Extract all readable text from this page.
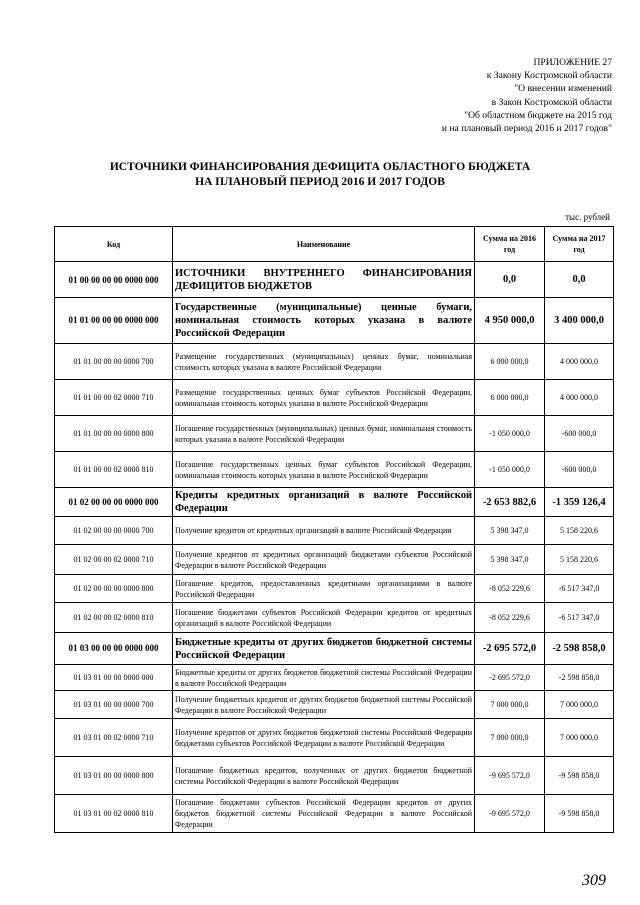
ПРИЛОЖЕНИЕ 27
к Закону Костромской области
"О внесении изменений
в Закон Костромской области
"Об областном бюджете на 2015 год
и на плановый период 2016 и 2017 годов"
ИСТОЧНИКИ ФИНАНСИРОВАНИЯ ДЕФИЦИТА ОБЛАСТНОГО БЮДЖЕТА
НА ПЛАНОВЫЙ ПЕРИОД 2016 И 2017 ГОДОВ
тыс. рублей
Код	Наименование	Сумма на 2016 год	Сумма на 2017 год
01 00 00 00 00 0000 000	ИСТОЧНИКИ ВНУТРЕННЕГО ФИНАНСИРОВАНИЯ ДЕФИЦИТОВ БЮДЖЕТОВ	0,0	0,0
01 01 00 00 00 0000 000	Государственные (муниципальные) ценные бумаги, номинальная стоимость которых указана в валюте Российской Федерации	4 950 000,0	3 400 000,0
01 01 00 00 00 0000 700	Размещение государственных (муниципальных) ценных бумаг, номинальная стоимость которых указана в валюте Российской Федерации	6 000 000,0	4 000 000,0
01 01 00 00 02 0000 710	Размещение государственных ценных бумаг субъектов Российской Федерации, номинальная стоимость которых указана в валюте Российской Федерации	6 000 000,0	4 000 000,0
01 01 00 00 00 0000 800	Погашение государственных (муниципальных) ценных бумаг, номинальная стоимость которых указана в валюте Российской Федерации	-1 050 000,0	-600 000,0
01 01 00 00 02 0000 810	Погашение государственных ценных бумаг субъектов Российской Федерации, номинальная стоимость которых указана в валюте Российской Федерации	-1 050 000,0	-600 000,0
01 02 00 00 00 0000 000	Кредиты кредитных организаций в валюте Российской Федерации	-2 653 882,6	-1 359 126,4
01 02 00 00 00 0000 700	Получение кредитов от кредитных организаций в валюте Российской Федерации	5 398 347,0	5 158 220,6
01 02 00 00 02 0000 710	Получение кредитов от кредитных организаций бюджетами субъектов Российской Федерации в валюте Российской Федерации	5 398 347,0	5 158 220,6
01 02 00 00 00 0000 800	Погашение кредитов, предоставленных кредитными организациями в валюте Российской Федерации	-8 052 229,6	-6 517 347,0
01 02 00 00 02 0000 810	Погашение бюджетами субъектов Российской Федерации кредитов от кредитных организаций в валюте Российской Федерации	-8 052 229,6	-6 517 347,0
01 03 00 00 00 0000 000	Бюджетные кредиты от других бюджетов бюджетной системы Российской Федерации	-2 695 572,0	-2 598 858,0
01 03 01 00 00 0000 000	Бюджетные кредиты от других бюджетов бюджетной системы Российской Федерации в валюте Российской Федерации	-2 695 572,0	-2 598 858,0
01 03 01 00 00 0000 700	Получение бюджетных кредитов от других бюджетов бюджетной системы Российской Федерации в валюте Российской Федерации	7 000 000,0	7 000 000,0
01 03 01 00 02 0000 710	Получение кредитов от других бюджетов бюджетной системы Российской Федерации бюджетами субъектов Российской Федерации в валюте Российской Федерации	7 000 000,0	7 000 000,0
01 03 01 00 00 0000 800	Погашение бюджетных кредитов, полученных от других бюджетов бюджетной системы Российской Федерации в валюте Российской Федерации	-9 695 572,0	-9 598 858,0
01 03 01 00 02 0000 810	Погашение бюджетами субъектов Российской Федерации кредитов от других бюджетов бюджетной системы Российской Федерации в валюте Российской Федерации	-9 695 572,0	-9 598 858,0
309
